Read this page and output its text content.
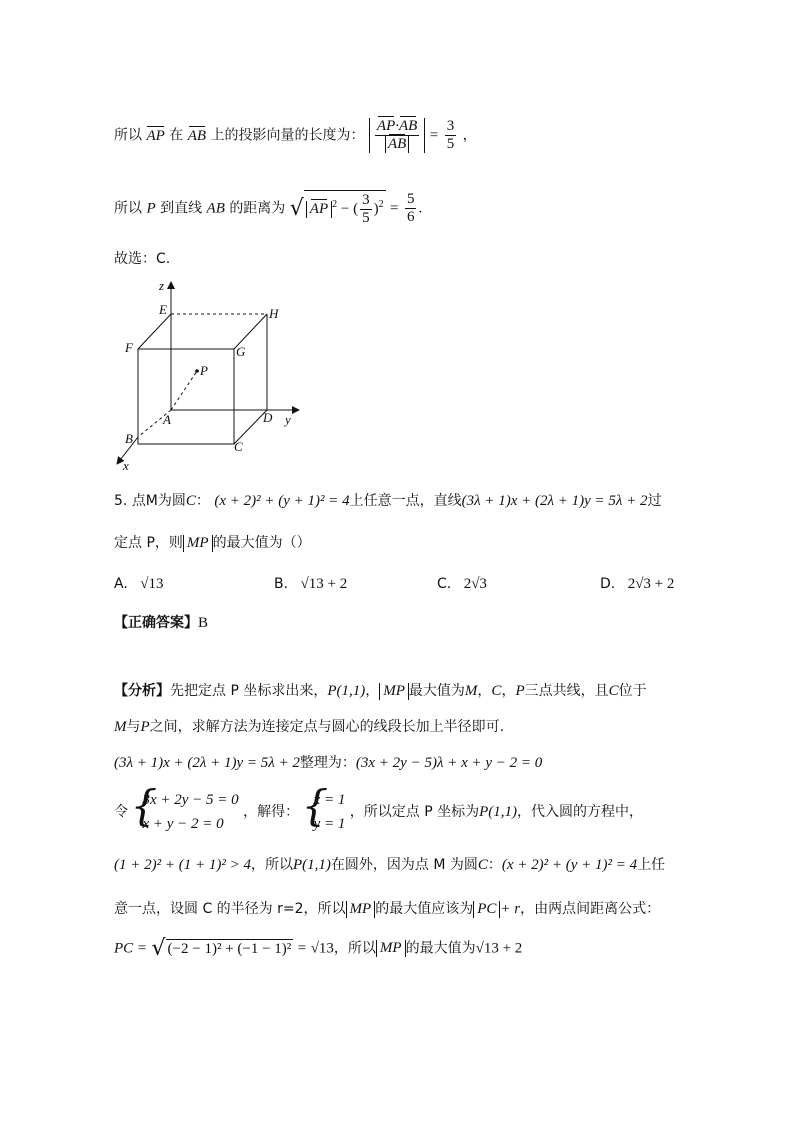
所以 AP 在 AB 上的投影向量的长度为： $\frac{AP\cdot AB}{AB} = \frac{3}{5}$ ，
所以 P 到直线 AB 的距离为 √ AP $^2$ − ( $\frac{3}{5} )^2 = \frac{5}{6}$ .
故选：C.
z
E	H
F	G
P
A	D y
B
C
x
5. 点M为圆C： (x + 2)² + (y + 1)² = 4上任意一点，直线(3λ + 1)x + (2λ + 1)y = 5λ + 2过
定点 P，则 MP 的最大值为（）
A. √13	B. √13 + 2	C. 2√3	D. 2√3 + 2
【正确答案】B
【分析】先把定点 P 坐标求出来，P(1,1)， MP 最大值为M，C，P三点共线，且C位于
M与P之间，求解方法为连接定点与圆心的线段长加上半径即可.
(3λ + 1)x + (2λ + 1)y = 5λ + 2整理为：(3x + 2y − 5)λ + x + y − 2 = 0
令
{ 3x + 2y − 5 = 0
x + y − 2 = 0
，解得：
{ x = 1
y = 1
，所以定点 P 坐标为P(1,1)，代入圆的方程中，
(1 + 2)² + (1 + 1)² > 4，所以P(1,1)在圆外，因为点 M 为圆C：(x + 2)² + (y + 1)² = 4上任
意一点，设圆 C 的半径为 r=2，所以 MP 的最大值应该为 PC + r，由两点间距离公式：
PC = √ (−2 − 1)² + (−1 − 1)² = √13，所以 MP 的最大值为√13 + 2
